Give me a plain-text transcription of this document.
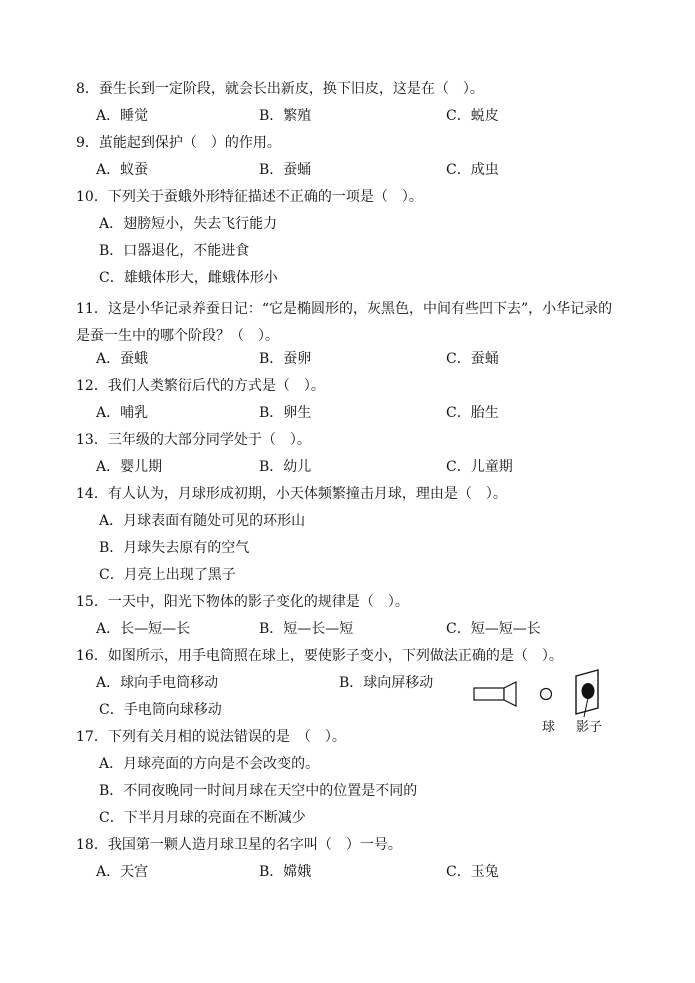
8．蚕生长到一定阶段，就会长出新皮，换下旧皮，这是在（　）。
A．睡觉	B．繁殖	C．蜕皮
9．茧能起到保护（　）的作用。
A．蚁蚕	B．蚕蛹	C．成虫
10．下列关于蚕蛾外形特征描述不正确的一项是（　）。
A．翅膀短小，失去飞行能力
B．口器退化，不能进食
C．雄蛾体形大，雌蛾体形小
11．这是小华记录养蚕日记：“它是椭圆形的，灰黑色，中间有些凹下去”，小华记录的是蚕一生中的哪个阶段？（　）。
A．蚕蛾	B．蚕卵	C．蚕蛹
12．我们人类繁衍后代的方式是（　）。
A．哺乳	B．卵生	C．胎生
13．三年级的大部分同学处于（　）。
A．婴儿期	B．幼儿	C．儿童期
14．有人认为，月球形成初期，小天体频繁撞击月球，理由是（　）。
A．月球表面有随处可见的环形山
B．月球失去原有的空气
C．月亮上出现了黑子
15．一天中，阳光下物体的影子变化的规律是（　）。
A．长—短—长	B．短—长—短	C．短—短—长
16．如图所示，用手电筒照在球上，要使影子变小，下列做法正确的是（　）。
A．球向手电筒移动	B．球向屏移动
C．手电筒向球移动
球 影子
17．下列有关月相的说法错误的是　（　）。
A．月球亮面的方向是不会改变的。
B．不同夜晚同一时间月球在天空中的位置是不同的
C．下半月月球的亮面在不断减少
18．我国第一颗人造月球卫星的名字叫（　）一号。
A．天宫	B．嫦娥	C．玉兔
